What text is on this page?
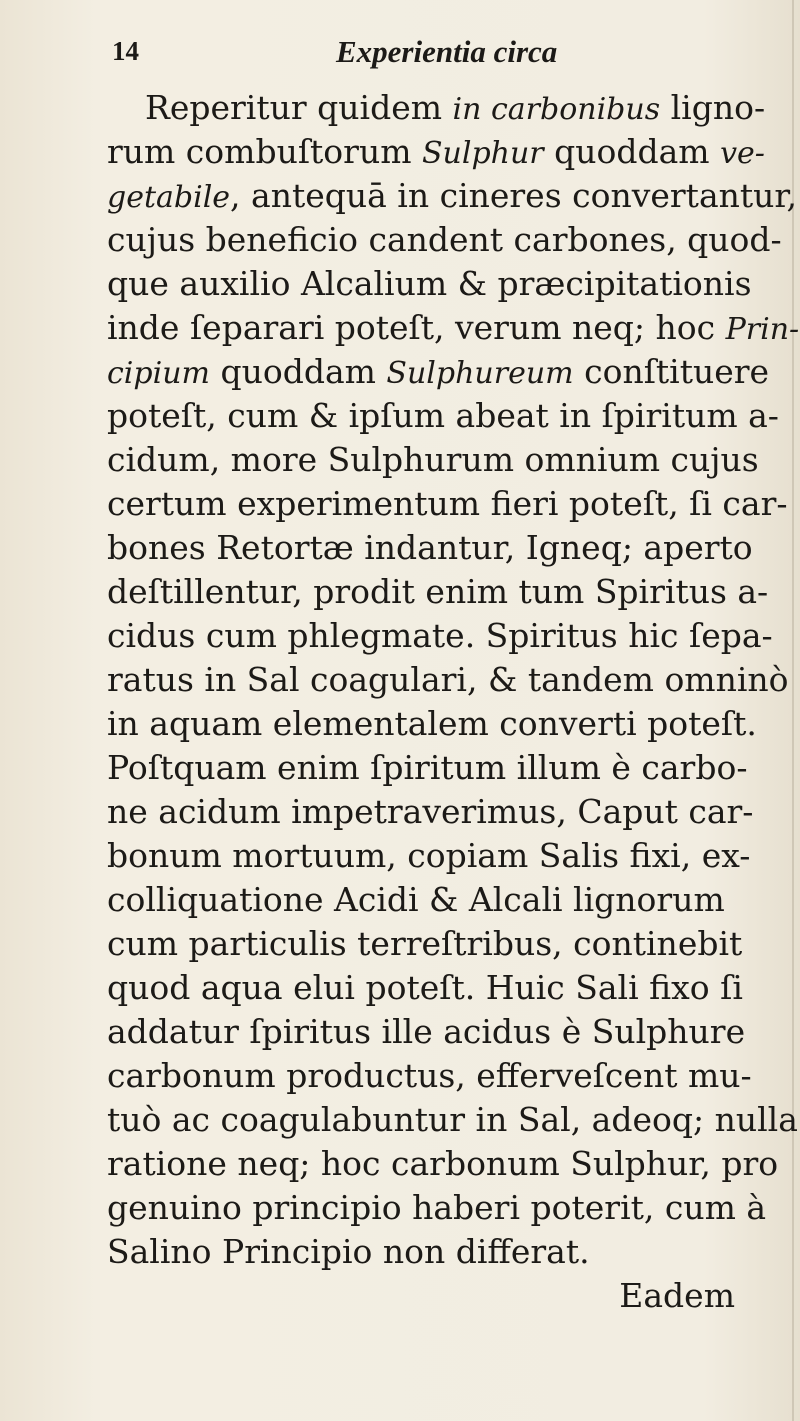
14	Experientia circa
Reperitur quidem in carbonibus ligno-
rum combuſtorum Sulphur quoddam ve-
getabile, antequā in cineres convertantur,
cujus beneficio candent carbones, quod-
que auxilio Alcalium & præcipitationis
inde ſeparari poteſt, verum neq; hoc Prin-
cipium quoddam Sulphureum conſtituere
poteſt, cum & ipſum abeat in ſpiritum a-
cidum, more Sulphurum omnium cujus
certum experimentum fieri poteſt, ſi car-
bones Retortæ indantur, Igneq; aperto
deſtillentur, prodit enim tum Spiritus a-
cidus cum phlegmate. Spiritus hic ſepa-
ratus in Sal coagulari, & tandem omninò
in aquam elementalem converti poteſt.
Poſtquam enim ſpiritum illum è carbo-
ne acidum impetraverimus, Caput car-
bonum mortuum, copiam Salis fixi, ex-
colliquatione Acidi & Alcali lignorum
cum particulis terreſtribus, continebit
quod aqua elui poteſt. Huic Sali fixo ſi
addatur ſpiritus ille acidus è Sulphure
carbonum productus, efferveſcent mu-
tuò ac coagulabuntur in Sal, adeoq; nulla
ratione neq; hoc carbonum Sulphur, pro
genuino principio haberi poterit, cum à
Salino Principio non differat.
Eadem
